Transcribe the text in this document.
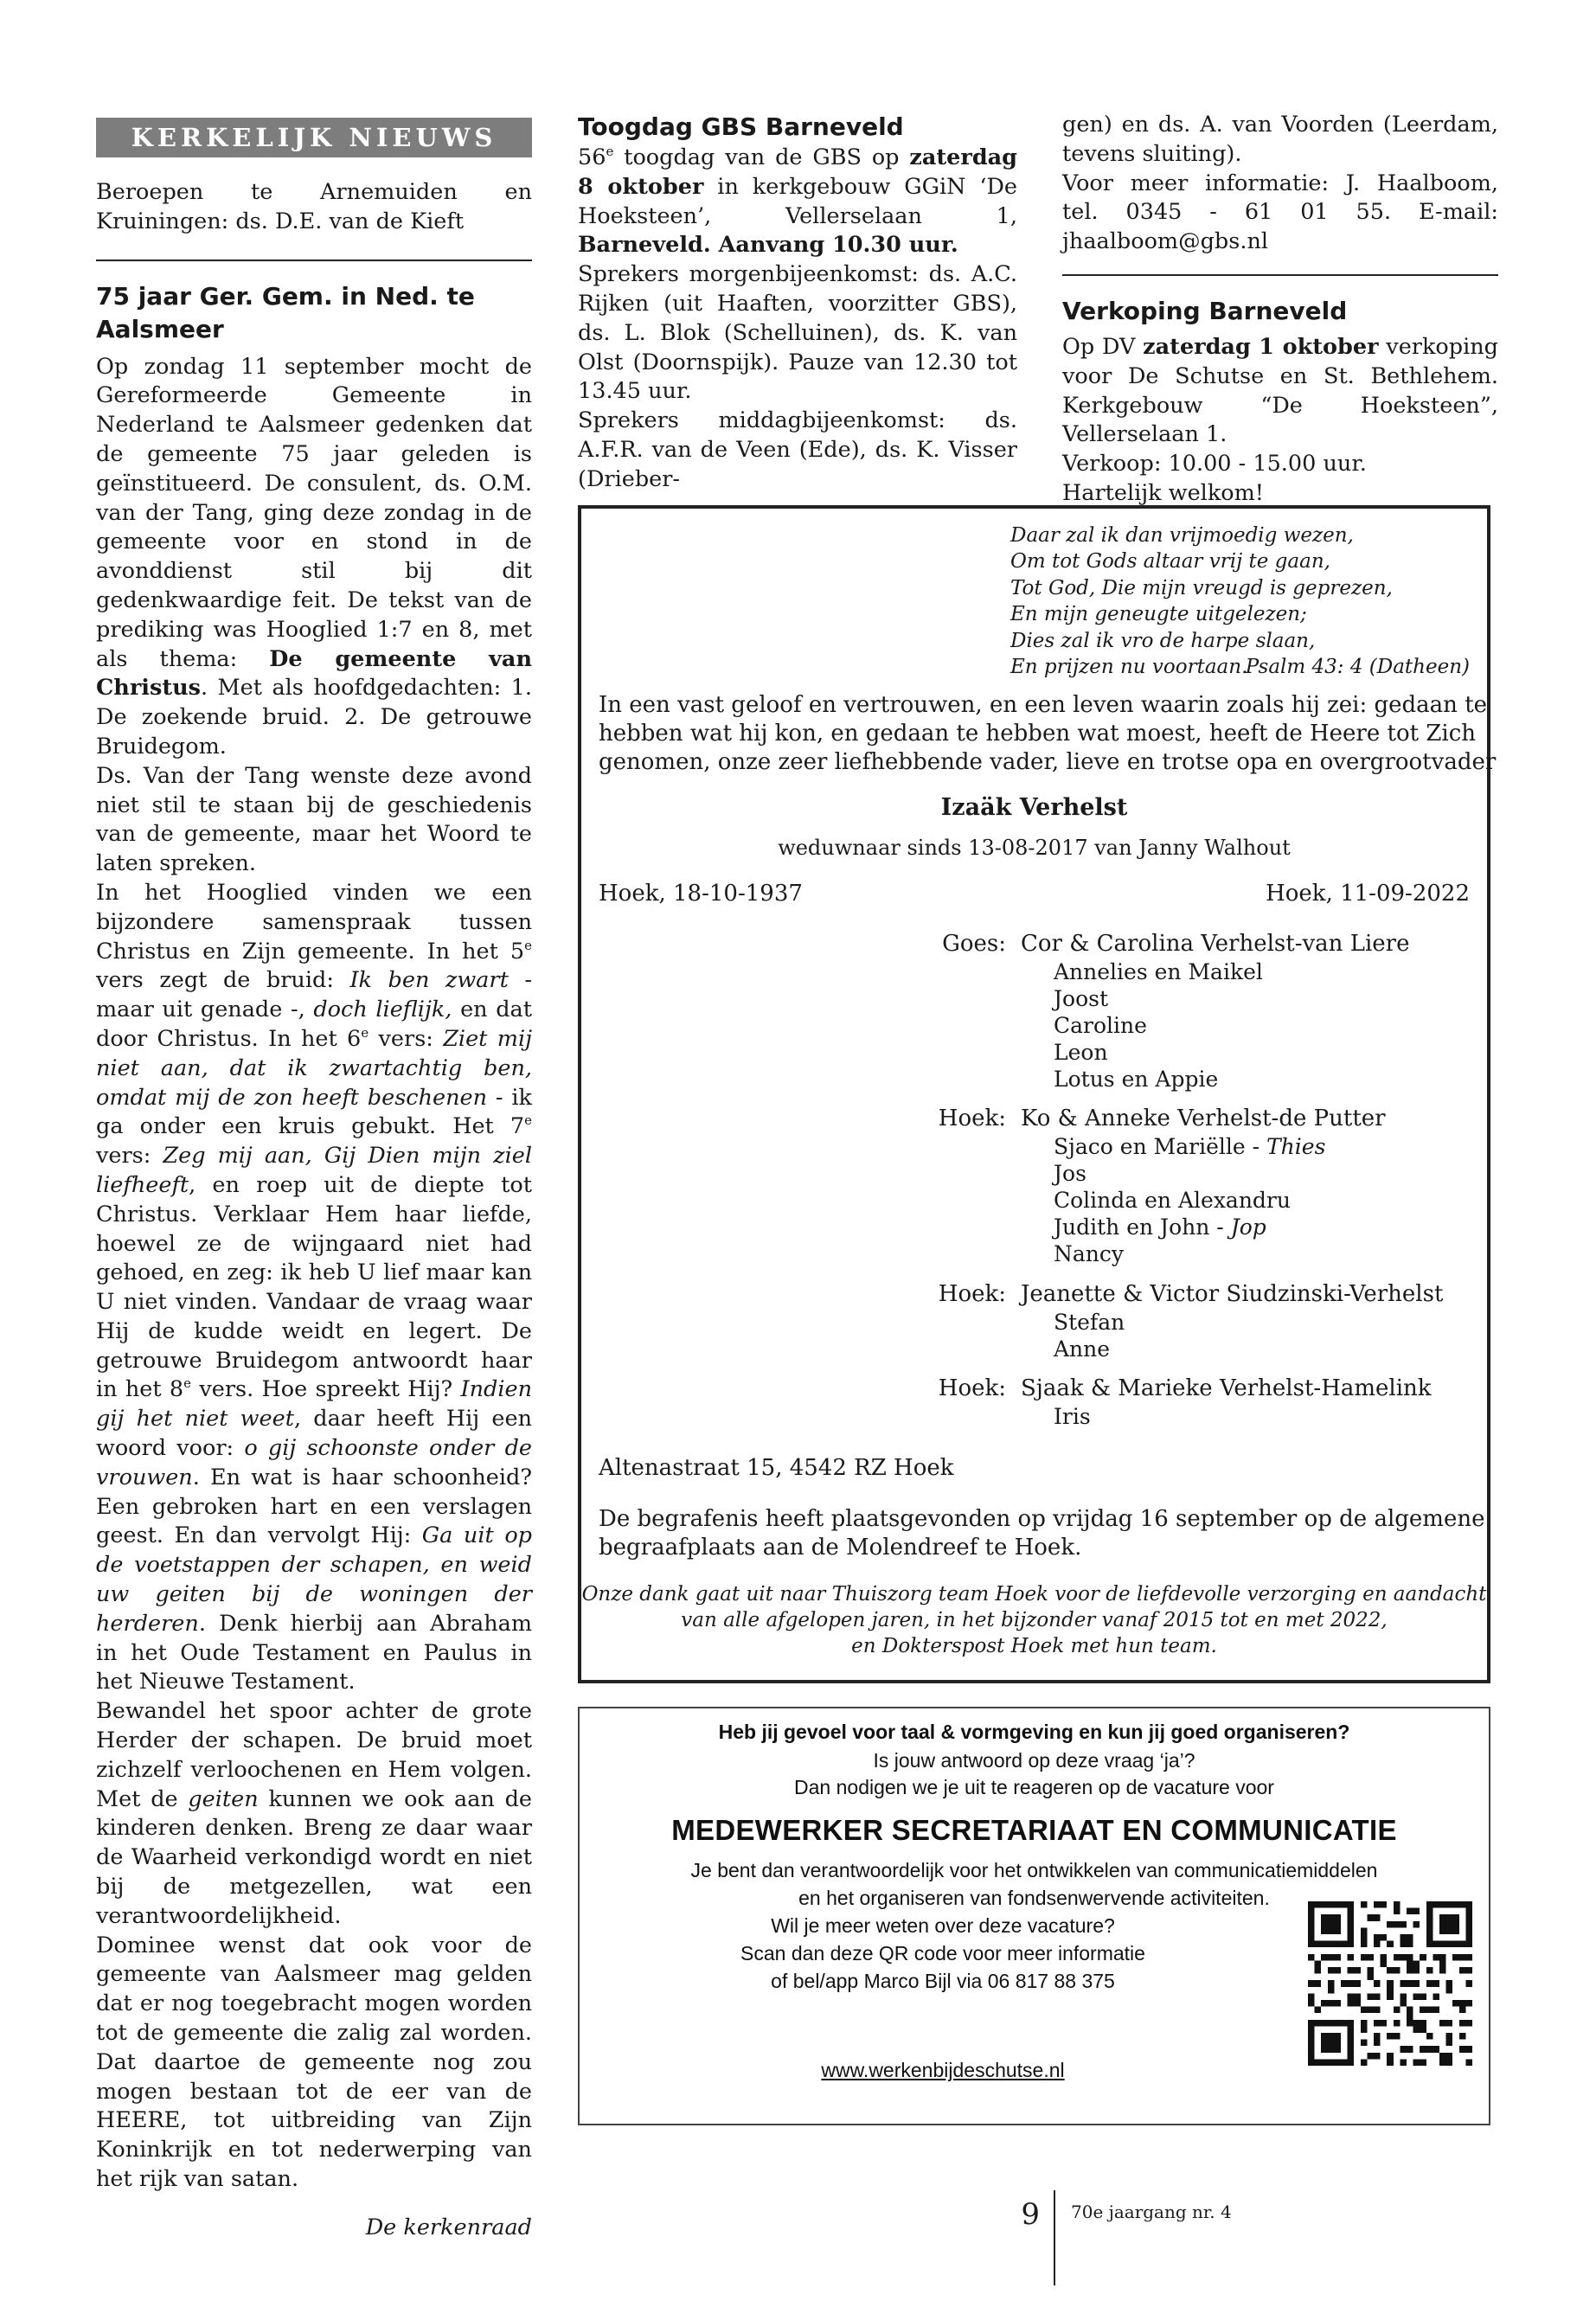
KERKELIJK NIEUWS

Beroepen te Arnemuiden en Kruiningen: ds. D.E. van de Kieft

75 jaar Ger. Gem. in Ned. te Aalsmeer

Op zondag 11 september mocht de Gereformeerde Gemeente in Nederland te Aalsmeer gedenken dat de gemeente 75 jaar geleden is geïnstitueerd. De consulent, ds. O.M. van der Tang, ging deze zondag in de gemeente voor en stond in de avonddienst stil bij dit gedenkwaardige feit. De tekst van de prediking was Hooglied 1:7 en 8, met als thema: De gemeente van Christus. Met als hoofdgedachten: 1. De zoekende bruid. 2. De getrouwe Bruidegom.

Ds. Van der Tang wenste deze avond niet stil te staan bij de geschiedenis van de gemeente, maar het Woord te laten spreken.

In het Hooglied vinden we een bijzondere samenspraak tussen Christus en Zijn gemeente. In het 5e vers zegt de bruid: Ik ben zwart - maar uit genade -, doch lieflijk, en dat door Christus. In het 6e vers: Ziet mij niet aan, dat ik zwartachtig ben, omdat mij de zon heeft beschenen - ik ga onder een kruis gebukt. Het 7e vers: Zeg mij aan, Gij Dien mijn ziel liefheeft, en roep uit de diepte tot Christus. Verklaar Hem haar liefde, hoewel ze de wijngaard niet had gehoed, en zeg: ik heb U lief maar kan U niet vinden. Vandaar de vraag waar Hij de kudde weidt en legert. De getrouwe Bruidegom antwoordt haar in het 8e vers. Hoe spreekt Hij? Indien gij het niet weet, daar heeft Hij een woord voor: o gij schoonste onder de vrouwen. En wat is haar schoonheid? Een gebroken hart en een verslagen geest. En dan vervolgt Hij: Ga uit op de voetstappen der schapen, en weid uw geiten bij de woningen der herderen. Denk hierbij aan Abraham in het Oude Testament en Paulus in het Nieuwe Testament.

Bewandel het spoor achter de grote Herder der schapen. De bruid moet zichzelf verloochenen en Hem volgen. Met de geiten kunnen we ook aan de kinderen denken. Breng ze daar waar de Waarheid verkondigd wordt en niet bij de metgezellen, wat een verantwoordelijkheid.

Dominee wenst dat ook voor de gemeente van Aalsmeer mag gelden dat er nog toegebracht mogen worden tot de gemeente die zalig zal worden. Dat daartoe de gemeente nog zou mogen bestaan tot de eer van de HEERE, tot uitbreiding van Zijn Koninkrijk en tot nederwerping van het rijk van satan.

De kerkenraad

Toogdag GBS Barneveld

56e toogdag van de GBS op zaterdag 8 oktober in kerkgebouw GGiN ‘De Hoeksteen’, Vellerselaan 1, Barneveld. Aanvang 10.30 uur.

Sprekers morgenbijeenkomst: ds. A.C. Rijken (uit Haaften, voorzitter GBS), ds. L. Blok (Schelluinen), ds. K. van Olst (Doornspijk). Pauze van 12.30 tot 13.45 uur.

Sprekers middagbijeenkomst: ds. A.F.R. van de Veen (Ede), ds. K. Visser (Drieber-

gen) en ds. A. van Voorden (Leerdam, tevens sluiting).

Voor meer informatie: J. Haalboom, tel. 0345 - 61 01 55. E-mail: jhaalboom@gbs.nl

Verkoping Barneveld

Op DV zaterdag 1 oktober verkoping voor De Schutse en St. Bethlehem. Kerkgebouw “De Hoeksteen”, Vellerselaan 1.

Verkoop: 10.00 - 15.00 uur.

Hartelijk welkom!

Daar zal ik dan vrijmoedig wezen,

Om tot Gods altaar vrij te gaan,

Tot God, Die mijn vreugd is geprezen,

En mijn geneugte uitgelezen;

Dies zal ik vro de harpe slaan,

En prijzen nu voortaan.

Psalm 43: 4 (Datheen)

In een vast geloof en vertrouwen, en een leven waarin zoals hij zei: gedaan te

hebben wat hij kon, en gedaan te hebben wat moest, heeft de Heere tot Zich

genomen, onze zeer liefhebbende vader, lieve en trotse opa en overgrootvader

Izaäk Verhelst

weduwnaar sinds 13-08-2017 van Janny Walhout

Hoek, 18-10-1937	Hoek, 11-09-2022

Goes: Cor & Carolina Verhelst-van Liere

Annelies en Maikel

Joost

Caroline

Leon

Lotus en Appie

Hoek: Ko & Anneke Verhelst-de Putter

Sjaco en Mariëlle - Thies

Jos

Colinda en Alexandru

Judith en John - Jop

Nancy

Hoek: Jeanette & Victor Siudzinski-Verhelst

Stefan

Anne

Hoek: Sjaak & Marieke Verhelst-Hamelink

Iris

Altenastraat 15, 4542 RZ Hoek

De begrafenis heeft plaatsgevonden op vrijdag 16 september op de algemene

begraafplaats aan de Molendreef te Hoek.

Onze dank gaat uit naar Thuiszorg team Hoek voor de liefdevolle verzorging en aandacht

van alle afgelopen jaren, in het bijzonder vanaf 2015 tot en met 2022,

en Dokterspost Hoek met hun team.

Heb jij gevoel voor taal & vormgeving en kun jij goed organiseren?

Is jouw antwoord op deze vraag ‘ja’?

Dan nodigen we je uit te reageren op de vacature voor

MEDEWERKER SECRETARIAAT EN COMMUNICATIE

Je bent dan verantwoordelijk voor het ontwikkelen van communicatiemiddelen

en het organiseren van fondsenwervende activiteiten.

Wil je meer weten over deze vacature?

Scan dan deze QR code voor meer informatie

of bel/app Marco Bijl via 06 817 88 375

www.werkenbijdeschutse.nl

9 70e jaargang nr. 4
